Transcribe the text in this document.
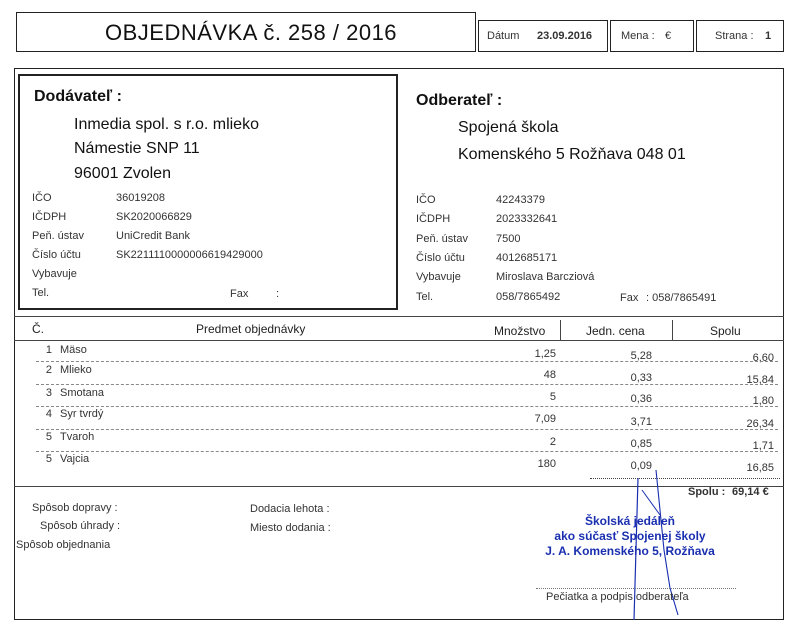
OBJEDNÁVKA č. 258 / 2016	Dátum 23.09.2016	Mena : €	Strana : 1
Dodávateľ :
Inmedia spol. s r.o. mlieko
Námestie SNP 11
96001 Zvolen
IČO	36019208
IČDPH	SK2020066829
Peň. ústav	UniCredit Bank
Číslo účtu	SK2211110000006619429000
Vybavuje
Tel.	Fax	:
Odberateľ :
Spojená škola
Komenského 5 Rožňava 048 01
IČO	42243379
IČDPH	2023332641
Peň. ústav	7500
Číslo účtu	4012685171
Vybavuje	Miroslava Barcziová
Tel.	058/7865492	Fax : 058/7865491
Č.	Predmet objednávky	Množstvo	Jedn. cena	Spolu
1 Mäso	1,25	5,28	6,60
2 Mlieko	48	0,33	15,84
3 Smotana	5	0,36	1,80
4 Syr tvrdý	7,09	3,71	26,34
5 Tvaroh	2	0,85	1,71
5 Vajcia	180	0,09	16,85
Spolu : 69,14 €
Spôsob dopravy :
Spôsob úhrady :
Spôsob objednania
Dodacia lehota :
Miesto dodania :	Školská jedáleň
ako súčasť Spojenej školy
J. A. Komenského 5, Rožňava
Pečiatka a podpis odberateľa
